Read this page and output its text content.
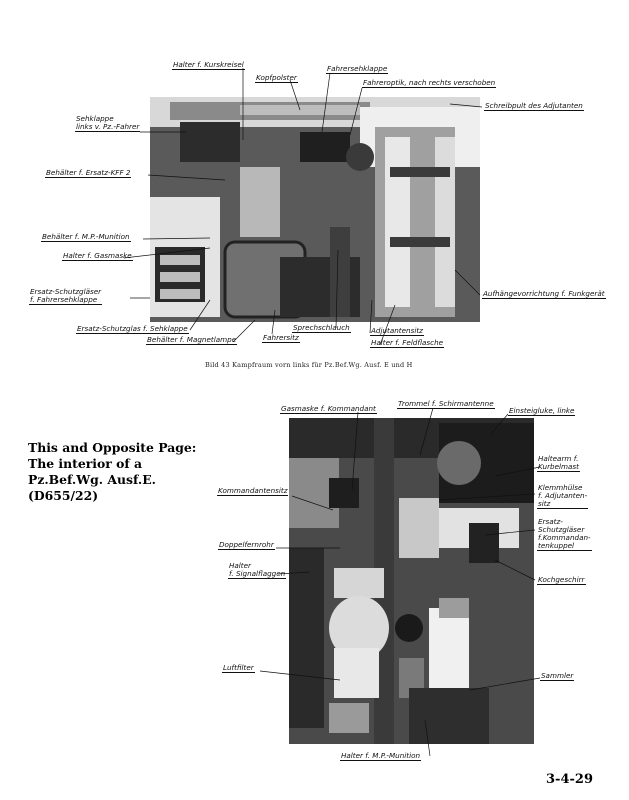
Halter f. Kurskreisel	Fahrersehklappe
Kopfpolster
Fahreroptik, nach rechts verschoben
Schreibpult des Adjutanten
Sehklappe
links v. Pz.-Fahrer
Behälter f. Ersatz-KFF 2
Behälter f. M.P.-Munition
Halter f. Gasmaske
Ersatz-Schutzgläser
f. Fahrersehklappe
Aufhängevorrichtung f. Funkgerät
Ersatz-Schutzglas f. Sehklappe	Sprechschlauch	Adjutantensitz
Behälter f. Magnetlampe	Fahrersitz
Halter f. Feldflasche
Bild 43 Kampfraum vorn links für Pz.Bef.Wg. Ausf. E und H
Gasmaske f. Kommandant
Trommel f. Schirmantenne
Einsteigluke, linke
Haltearm f.
Kurbelmast
Kommandantensitz	Klemmhülse
f. Adjutanten-
sitz
Doppelfernrohr
Ersatz-
Schutzgläser
f.Kommandan-
tenkuppel
Halter
f. Signalflaggen
Kochgeschirr
Luftfilter
Sammler
Halter f. M.P.-Munition
This and Opposite Page:
The interior of a
Pz.Bef.Wg. Ausf.E.
(D655/22)
3-4-29
